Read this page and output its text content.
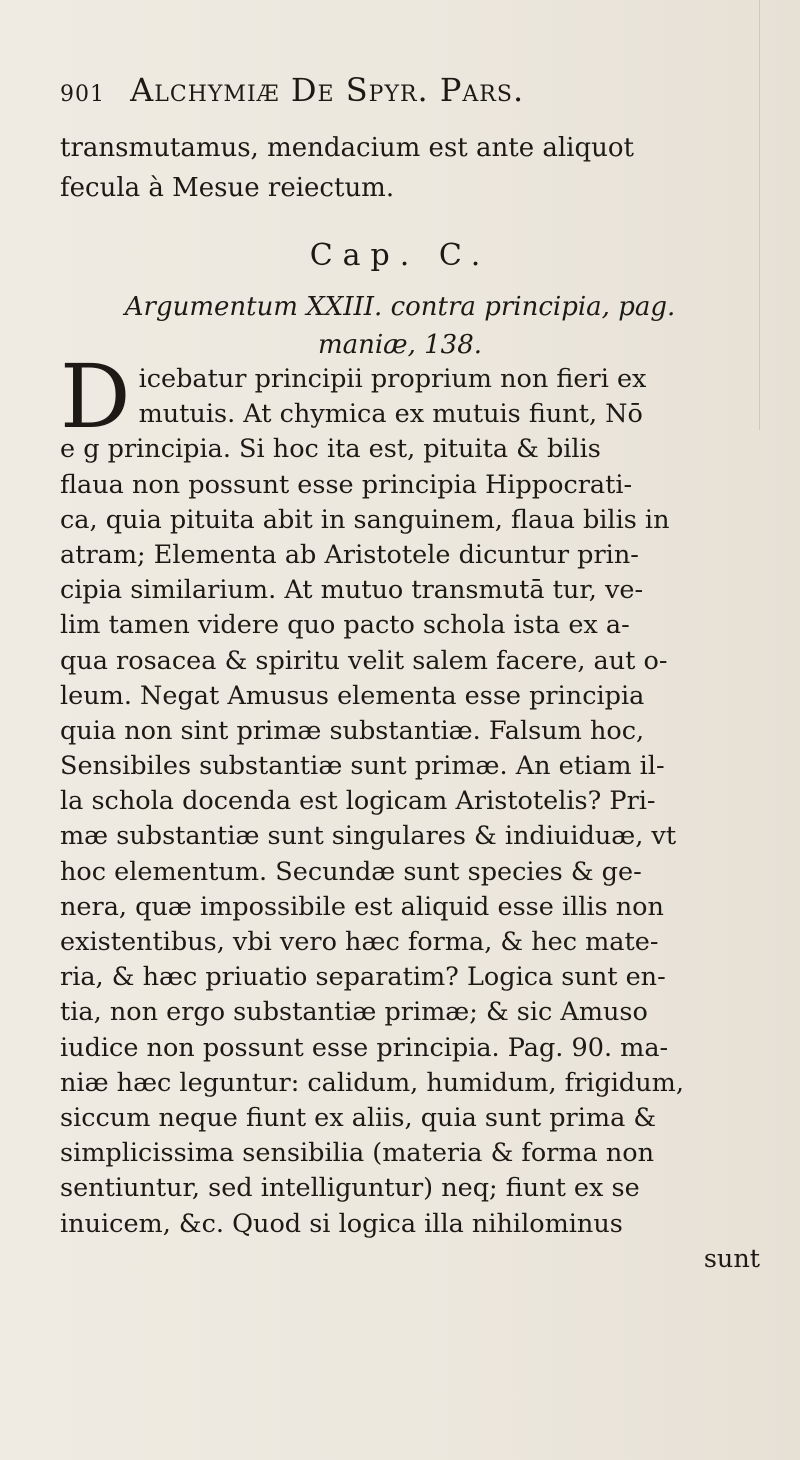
901 Alchymiæ De Spyr. Pars.
transmutamus, mendacium est ante aliquot
fecula à Mesue reiectum.
Cap. C.
Argumentum XXIII. contra principia, pag.
maniæ, 138.
D icebatur principii proprium non fieri ex
mutuis. At chymica ex mutuis fiunt, Nō
e g principia. Si hoc ita est, pituita & bilis
flaua non possunt esse principia Hippocrati-
ca, quia pituita abit in sanguinem, flaua bilis in
atram; Elementa ab Aristotele dicuntur prin-
cipia similarium. At mutuo transmutā tur, ve-
lim tamen videre quo pacto schola ista ex a-
qua rosacea & spiritu velit salem facere, aut o-
leum. Negat Amusus elementa esse principia
quia non sint primæ substantiæ. Falsum hoc,
Sensibiles substantiæ sunt primæ. An etiam il-
la schola docenda est logicam Aristotelis? Pri-
mæ substantiæ sunt singulares & indiuiduæ, vt
hoc elementum. Secundæ sunt species & ge-
nera, quæ impossibile est aliquid esse illis non
existentibus, vbi vero hæc forma, & hec mate-
ria, & hæc priuatio separatim? Logica sunt en-
tia, non ergo substantiæ primæ; & sic Amuso
iudice non possunt esse principia. Pag. 90. ma-
niæ hæc leguntur: calidum, humidum, frigidum,
siccum neque fiunt ex aliis, quia sunt prima &
simplicissima sensibilia (materia & forma non
sentiuntur, sed intelliguntur) neq; fiunt ex se
inuicem, &c. Quod si logica illa nihilominus
sunt
